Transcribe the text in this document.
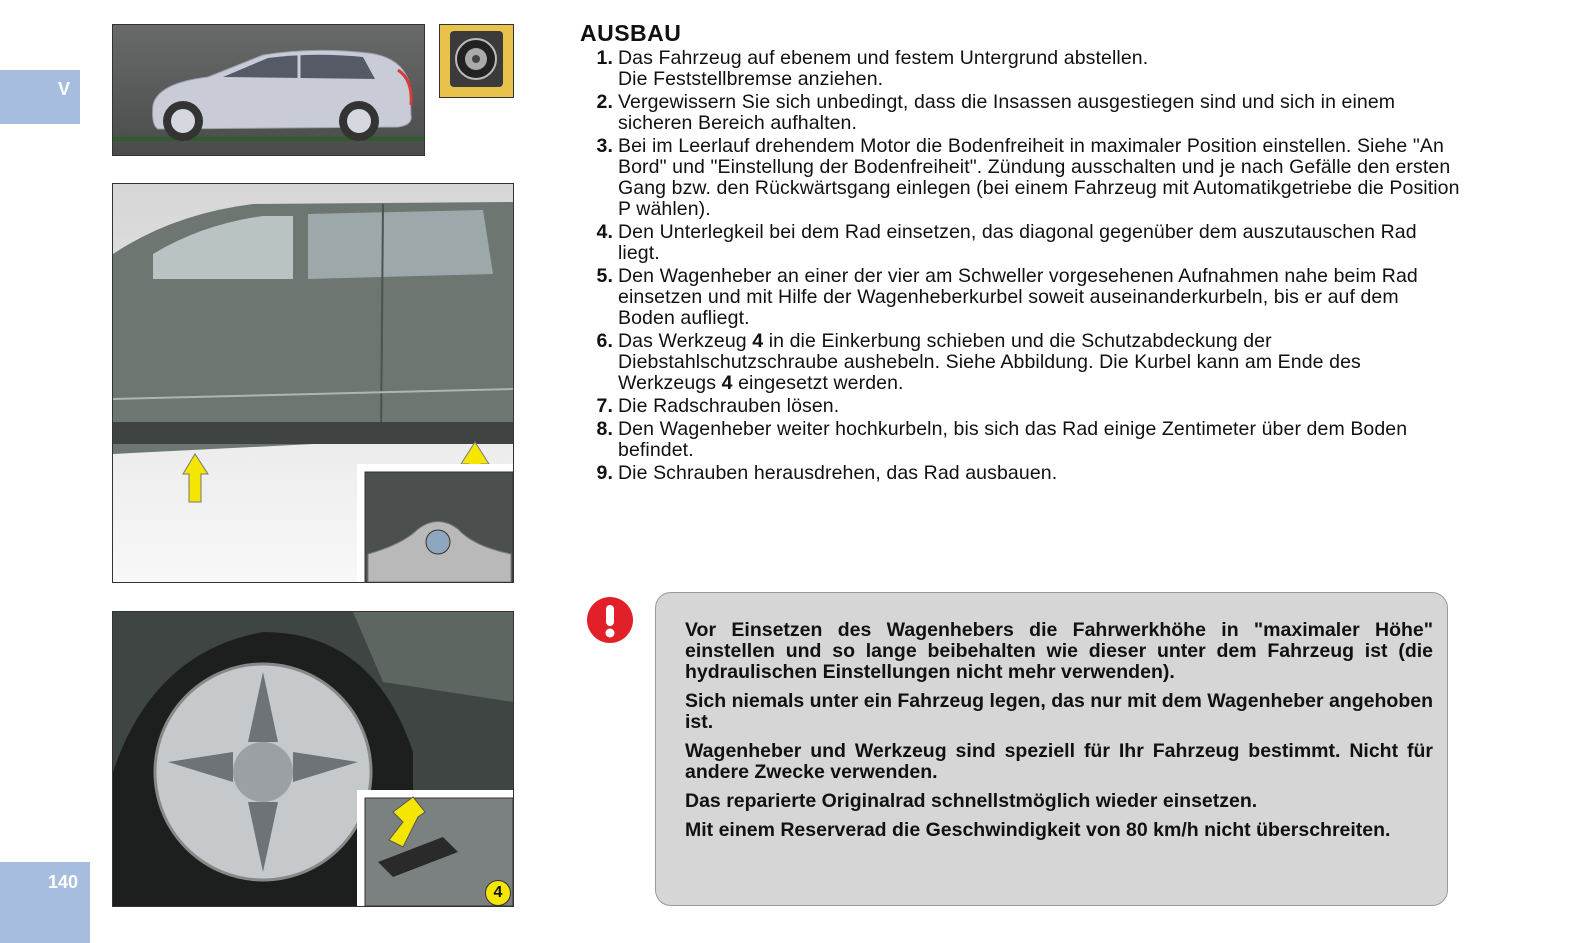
V
140
4
AUSBAU
1. Das Fahrzeug auf ebenem und festem Untergrund abstellen.
Die Feststellbremse anziehen.
2. Vergewissern Sie sich unbedingt, dass die Insassen ausgestiegen sind und sich in einem sicheren Bereich aufhalten.
3. Bei im Leerlauf drehendem Motor die Bodenfreiheit in maximaler Position einstellen. Siehe "An Bord" und "Einstellung der Bodenfreiheit". Zündung ausschalten und je nach Gefälle den ersten Gang bzw. den Rückwärtsgang einlegen (bei einem Fahrzeug mit Automatikgetriebe die Position P wählen).
4. Den Unterlegkeil bei dem Rad einsetzen, das diagonal gegenüber dem auszutauschen Rad liegt.
5. Den Wagenheber an einer der vier am Schweller vorgesehenen Aufnahmen nahe beim Rad einsetzen und mit Hilfe der Wagenheberkurbel soweit auseinanderkurbeln, bis er auf dem Boden aufliegt.
6. Das Werkzeug 4 in die Einkerbung schieben und die Schutzabdeckung der Diebstahlschutzschraube aushebeln. Siehe Abbildung. Die Kurbel kann am Ende des Werkzeugs 4 eingesetzt werden.
7. Die Radschrauben lösen.
8. Den Wagenheber weiter hochkurbeln, bis sich das Rad einige Zentimeter über dem Boden befindet.
9. Die Schrauben herausdrehen, das Rad ausbauen.

Vor Einsetzen des Wagenhebers die Fahrwerkhöhe in "maximaler Höhe" einstellen und so lange beibehalten wie dieser unter dem Fahrzeug ist (die hydraulischen Einstellungen nicht mehr verwenden).

Sich niemals unter ein Fahrzeug legen, das nur mit dem Wagenheber angehoben ist.

Wagenheber und Werkzeug sind speziell für Ihr Fahrzeug bestimmt. Nicht für andere Zwecke verwenden.

Das reparierte Originalrad schnellstmöglich wieder einsetzen.

Mit einem Reserverad die Geschwindigkeit von 80 km/h nicht überschreiten.
